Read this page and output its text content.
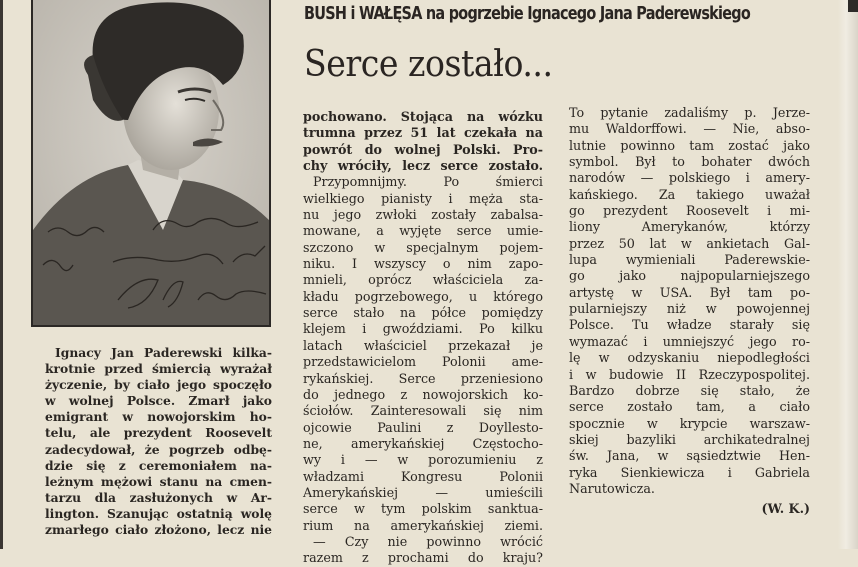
BUSH i WAŁĘSA na pogrzebie Ignacego Jana Paderewskiego
Serce zostało...
Ignacy Jan Paderewski kilka-
krotnie przed śmiercią wyrażał
życzenie, by ciało jego spoczęło
w wolnej Polsce. Zmarł jako
emigrant w nowojorskim ho-
telu, ale prezydent Roosevelt
zadecydował, że pogrzeb odbę-
dzie się z ceremoniałem na-
leżnym mężowi stanu na cmen-
tarzu dla zasłużonych w Ar-
lington. Szanując ostatnią wolę
zmarłego ciało złożono, lecz nie
pochowano. Stojąca na wózku
trumna przez 51 lat czekała na
powrót do wolnej Polski. Pro-
chy wróciły, lecz serce zostało.
Przypomnijmy. Po śmierci
wielkiego pianisty i męża sta-
nu jego zwłoki zostały zabalsa-
mowane, a wyjęte serce umie-
szczono w specjalnym pojem-
niku. I wszyscy o nim zapo-
mnieli, oprócz właściciela za-
kładu pogrzebowego, u którego
serce stało na półce pomiędzy
klejem i gwoździami. Po kilku
latach właściciel przekazał je
przedstawicielom Polonii ame-
rykańskiej. Serce przeniesiono
do jednego z nowojorskich ko-
ściołów. Zainteresowali się nim
ojcowie Paulini z Doyllesto-
ne, amerykańskiej Częstocho-
wy i — w porozumieniu z
władzami Kongresu Polonii
Amerykańskiej — umieścili
serce w tym polskim sanktua-
rium na amerykańskiej ziemi.
— Czy nie powinno wrócić
razem z prochami do kraju?
To pytanie zadaliśmy p. Jerze-
mu Waldorffowi. — Nie, abso-
lutnie powinno tam zostać jako
symbol. Był to bohater dwóch
narodów — polskiego i amery-
kańskiego. Za takiego uważał
go prezydent Roosevelt i mi-
liony Amerykanów, którzy
przez 50 lat w ankietach Gal-
lupa wymieniali Paderewskie-
go jako najpopularniejszego
artystę w USA. Był tam po-
pularniejszy niż w powojennej
Polsce. Tu władze starały się
wymazać i umniejszyć jego ro-
lę w odzyskaniu niepodległości
i w budowie II Rzeczypospolitej.
Bardzo dobrze się stało, że
serce zostało tam, a ciało
spocznie w krypcie warszaw-
skiej bazyliki archikatedralnej
św. Jana, w sąsiedztwie Hen-
ryka Sienkiewicza i Gabriela
Narutowicza.
(W. K.)
